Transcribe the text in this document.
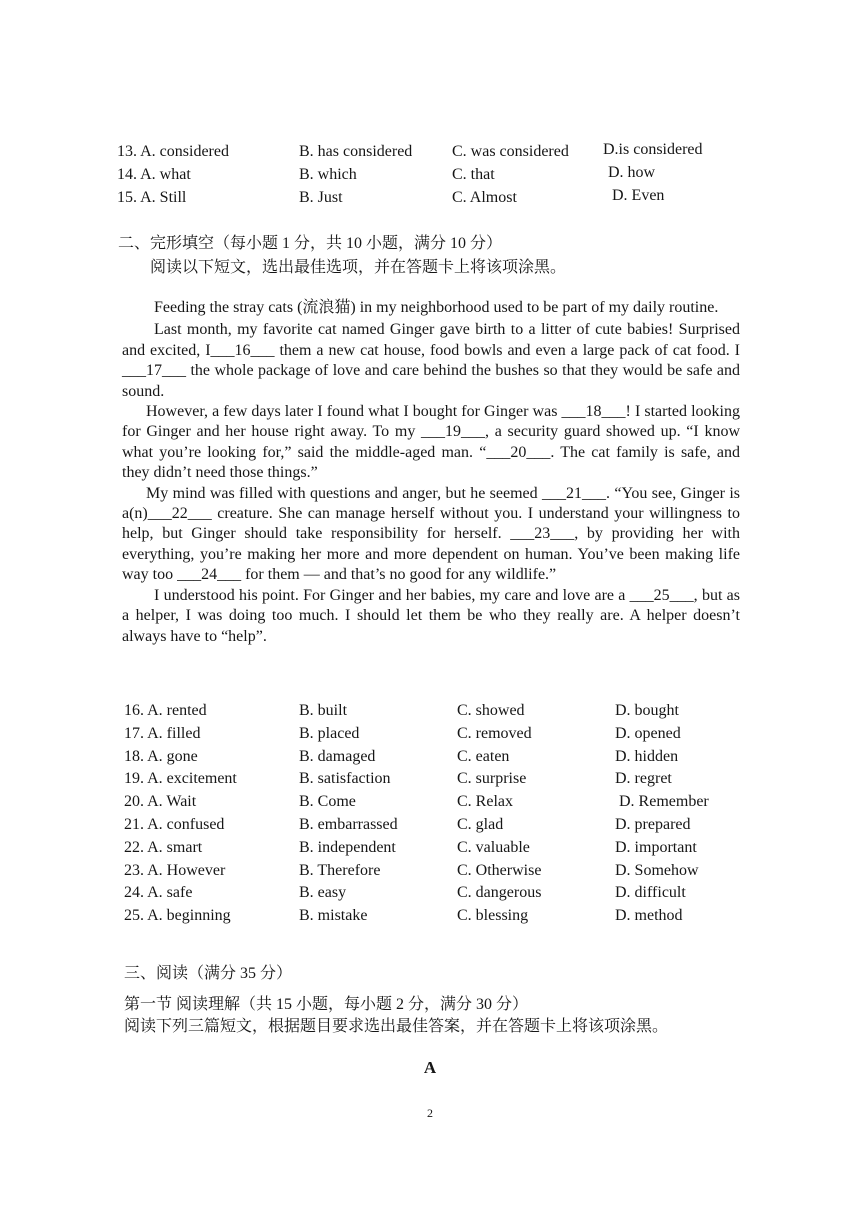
13. A. considered	B. has considered C. was considered D.is considered
14. A. what	B. which	C. that	D. how
15. A. Still	B. Just	C. Almost	D. Even
二、完形填空（每小题 1 分，共 10 小题，满分 10 分）
阅读以下短文，选出最佳选项，并在答题卡上将该项涂黑。

Feeding the stray cats (流浪猫) in my neighborhood used to be part of my daily routine.

Last month, my favorite cat named Ginger gave birth to a litter of cute babies! Surprised and excited, I___16___ them a new cat house, food bowls and even a large pack of cat food. I ___17___ the whole package of love and care behind the bushes so that they would be safe and sound.

However, a few days later I found what I bought for Ginger was ___18___! I started looking for Ginger and her house right away. To my ___19___, a security guard showed up. “I know what you’re looking for,” said the middle-aged man. “___20___. The cat family is safe, and they didn’t need those things.”

My mind was filled with questions and anger, but he seemed ___21___. “You see, Ginger is a(n)___22___ creature. She can manage herself without you. I understand your willingness to help, but Ginger should take responsibility for herself. ___23___, by providing her with everything, you’re making her more and more dependent on human. You’ve been making life way too ___24___ for them — and that’s no good for any wildlife.”

I understood his point. For Ginger and her babies, my care and love are a ___25___, but as a helper, I was doing too much. I should let them be who they really are. A helper doesn’t always have to “help”.

16. A. rented	B. built	C. showed	D. bought
17. A. filled	B. placed	C. removed	D. opened
18. A. gone	B. damaged	C. eaten	D. hidden
19. A. excitement	B. satisfaction	C. surprise	D. regret
20. A. Wait	B. Come	C. Relax	D. Remember
21. A. confused	B. embarrassed	C. glad	D. prepared
22. A. smart	B. independent	C. valuable	D. important
23. A. However	B. Therefore	C. Otherwise	D. Somehow
24. A. safe	B. easy	C. dangerous	D. difficult
25. A. beginning	B. mistake	C. blessing	D. method
三、阅读（满分 35 分）
第一节 阅读理解（共 15 小题，每小题 2 分，满分 30 分）
阅读下列三篇短文，根据题目要求选出最佳答案，并在答题卡上将该项涂黑。
A
2
